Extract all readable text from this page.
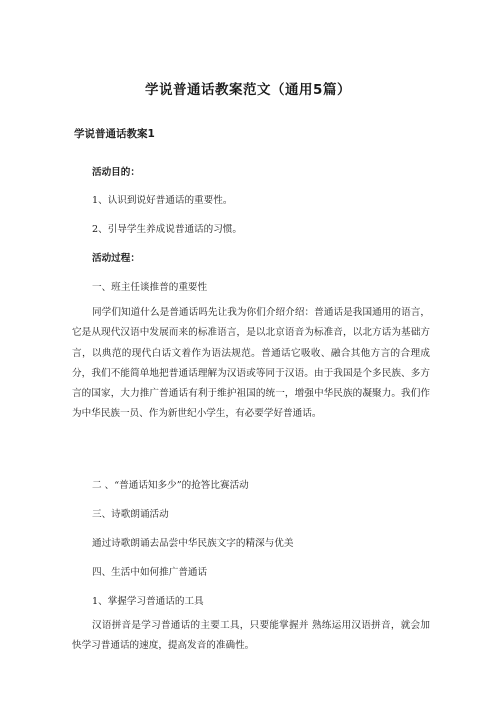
学说普通话教案范文（通用5篇）
学说普通话教案1
活动目的：
1、认识到说好普通话的重要性。
2、引导学生养成说普通话的习惯。
活动过程：
一、班主任谈推普的重要性
同学们知道什么是普通话吗先让我为你们介绍介绍：普通话是我国通用的语言，它是从现代汉语中发展而来的标准语言，是以北京语音为标准音，以北方话为基础方言，以典范的现代白话文着作为语法规范。普通话它吸收、融合其他方言的合理成分，我们不能简单地把普通话理解为汉语或等同于汉语。由于我国是个多民族、多方言的国家，大力推广普通话有利于维护祖国的统一，增强中华民族的凝聚力。我们作为中华民族一员、作为新世纪小学生，有必要学好普通话。
二 、“普通话知多少”的抢答比赛活动
三、诗歌朗诵活动
通过诗歌朗诵去品尝中华民族文字的精深与优美
四、生活中如何推广普通话
1、掌握学习普通话的工具
汉语拼音是学习普通话的主要工具，只要能掌握并 熟练运用汉语拼音，就会加快学习普通话的速度，提高发音的准确性。
